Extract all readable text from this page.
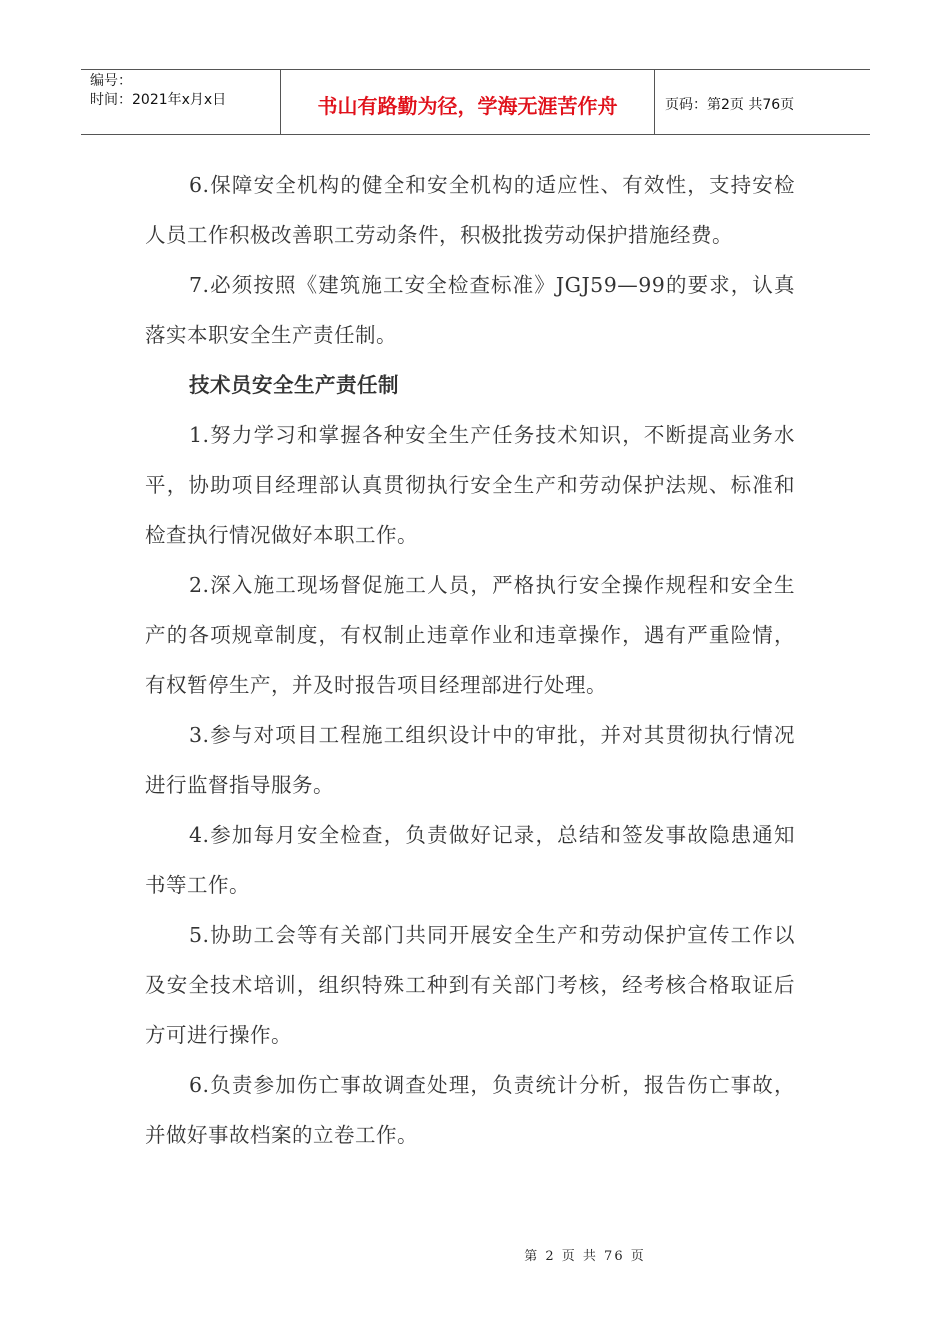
编号：
时间：2021年x月x日	书山有路勤为径，学海无涯苦作舟	页码：第2页 共76页

6.保障安全机构的健全和安全机构的适应性、有效性，支持安检人员工作积极改善职工劳动条件，积极批拨劳动保护措施经费。

7.必须按照《建筑施工安全检查标准》JGJ59—99的要求，认真落实本职安全生产责任制。

技术员安全生产责任制

1.努力学习和掌握各种安全生产任务技术知识，不断提高业务水平，协助项目经理部认真贯彻执行安全生产和劳动保护法规、标准和检查执行情况做好本职工作。

2.深入施工现场督促施工人员，严格执行安全操作规程和安全生产的各项规章制度，有权制止违章作业和违章操作，遇有严重险情，有权暂停生产，并及时报告项目经理部进行处理。

3.参与对项目工程施工组织设计中的审批，并对其贯彻执行情况进行监督指导服务。

4.参加每月安全检查，负责做好记录，总结和签发事故隐患通知书等工作。

5.协助工会等有关部门共同开展安全生产和劳动保护宣传工作以及安全技术培训，组织特殊工种到有关部门考核，经考核合格取证后方可进行操作。

6.负责参加伤亡事故调查处理，负责统计分析，报告伤亡事故，并做好事故档案的立卷工作。

第 2 页 共 76 页
